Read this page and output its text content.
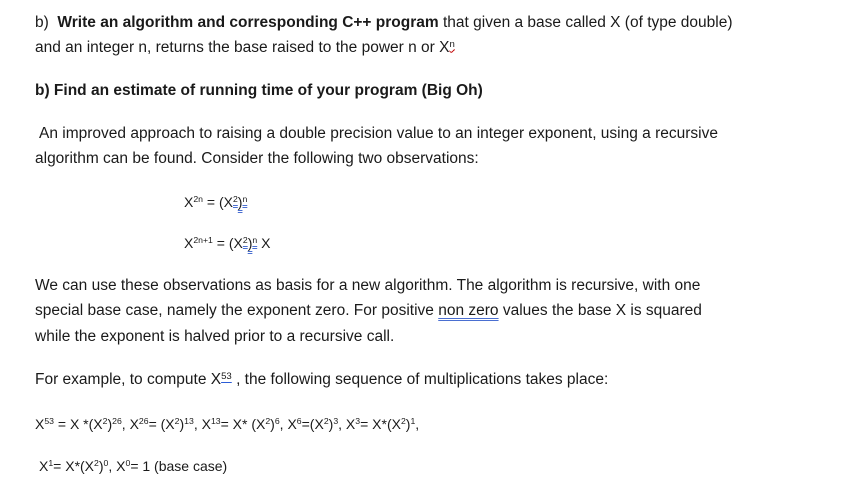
b) Write an algorithm and corresponding C++ program that given a base called X (of type double)
and an integer n, returns the base raised to the power n or $X^n$
b) Find an estimate of running time of your program (Big Oh)
An improved approach to raising a double precision value to an integer exponent, using a recursive
algorithm can be found. Consider the following two observations:
$X^{2n} = (X^2)^n$
$X^{2n+1} = (X^2)^n$ X
We can use these observations as basis for a new algorithm. The algorithm is recursive, with one
special base case, namely the exponent zero. For positive non zero values the base X is squared
while the exponent is halved prior to a recursive call.
For example, to compute $X^{53}$ , the following sequence of multiplications takes place:
$X^{53} = X$ $*(X^2)^{26}$, $X^{26}= (X^2)^{13}$, $X^{13}= X*$ $(X^2)^6$, $X^6=(X^2)^3$, $X^3= X*(X^2)^1$,
$X^1= X*(X^2)^0$, $X^0= 1$ (base case)
